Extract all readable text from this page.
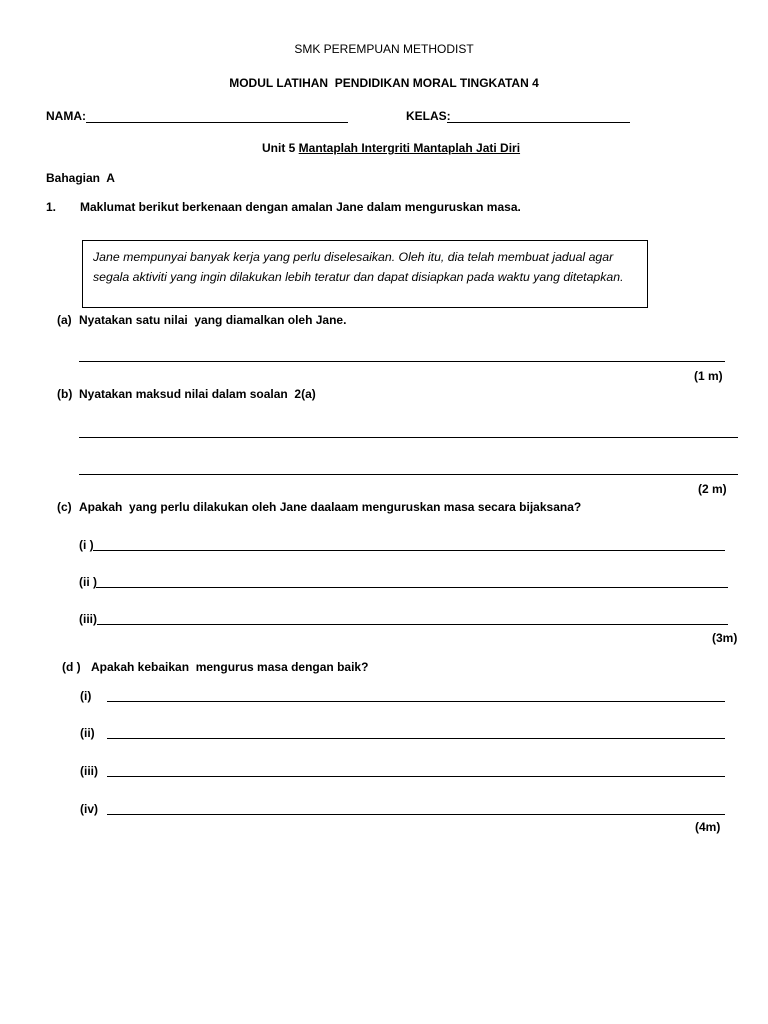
SMK PEREMPUAN METHODIST
MODUL LATIHAN  PENDIDIKAN MORAL TINGKATAN 4
NAMA:	KELAS:
Unit 5 Mantaplah Intergriti Mantaplah Jati Diri
Bahagian  A
1. Maklumat berikut berkenaan dengan amalan Jane dalam menguruskan masa.
Jane mempunyai banyak kerja yang perlu diselesaikan. Oleh itu, dia telah membuat jadual agar segala aktiviti yang ingin dilakukan lebih teratur dan dapat disiapkan pada waktu yang ditetapkan.
(a) Nyatakan satu nilai  yang diamalkan oleh Jane.
(1 m)
(b) Nyatakan maksud nilai dalam soalan  2(a)
(2 m)
(c) Apakah  yang perlu dilakukan oleh Jane daalaam menguruskan masa secara bijaksana?
(i )
(ii )
(iii)
(3m)
(d ) Apakah kebaikan  mengurus masa dengan baik?
(i)
(ii)
(iii)
(iv)
(4m)
